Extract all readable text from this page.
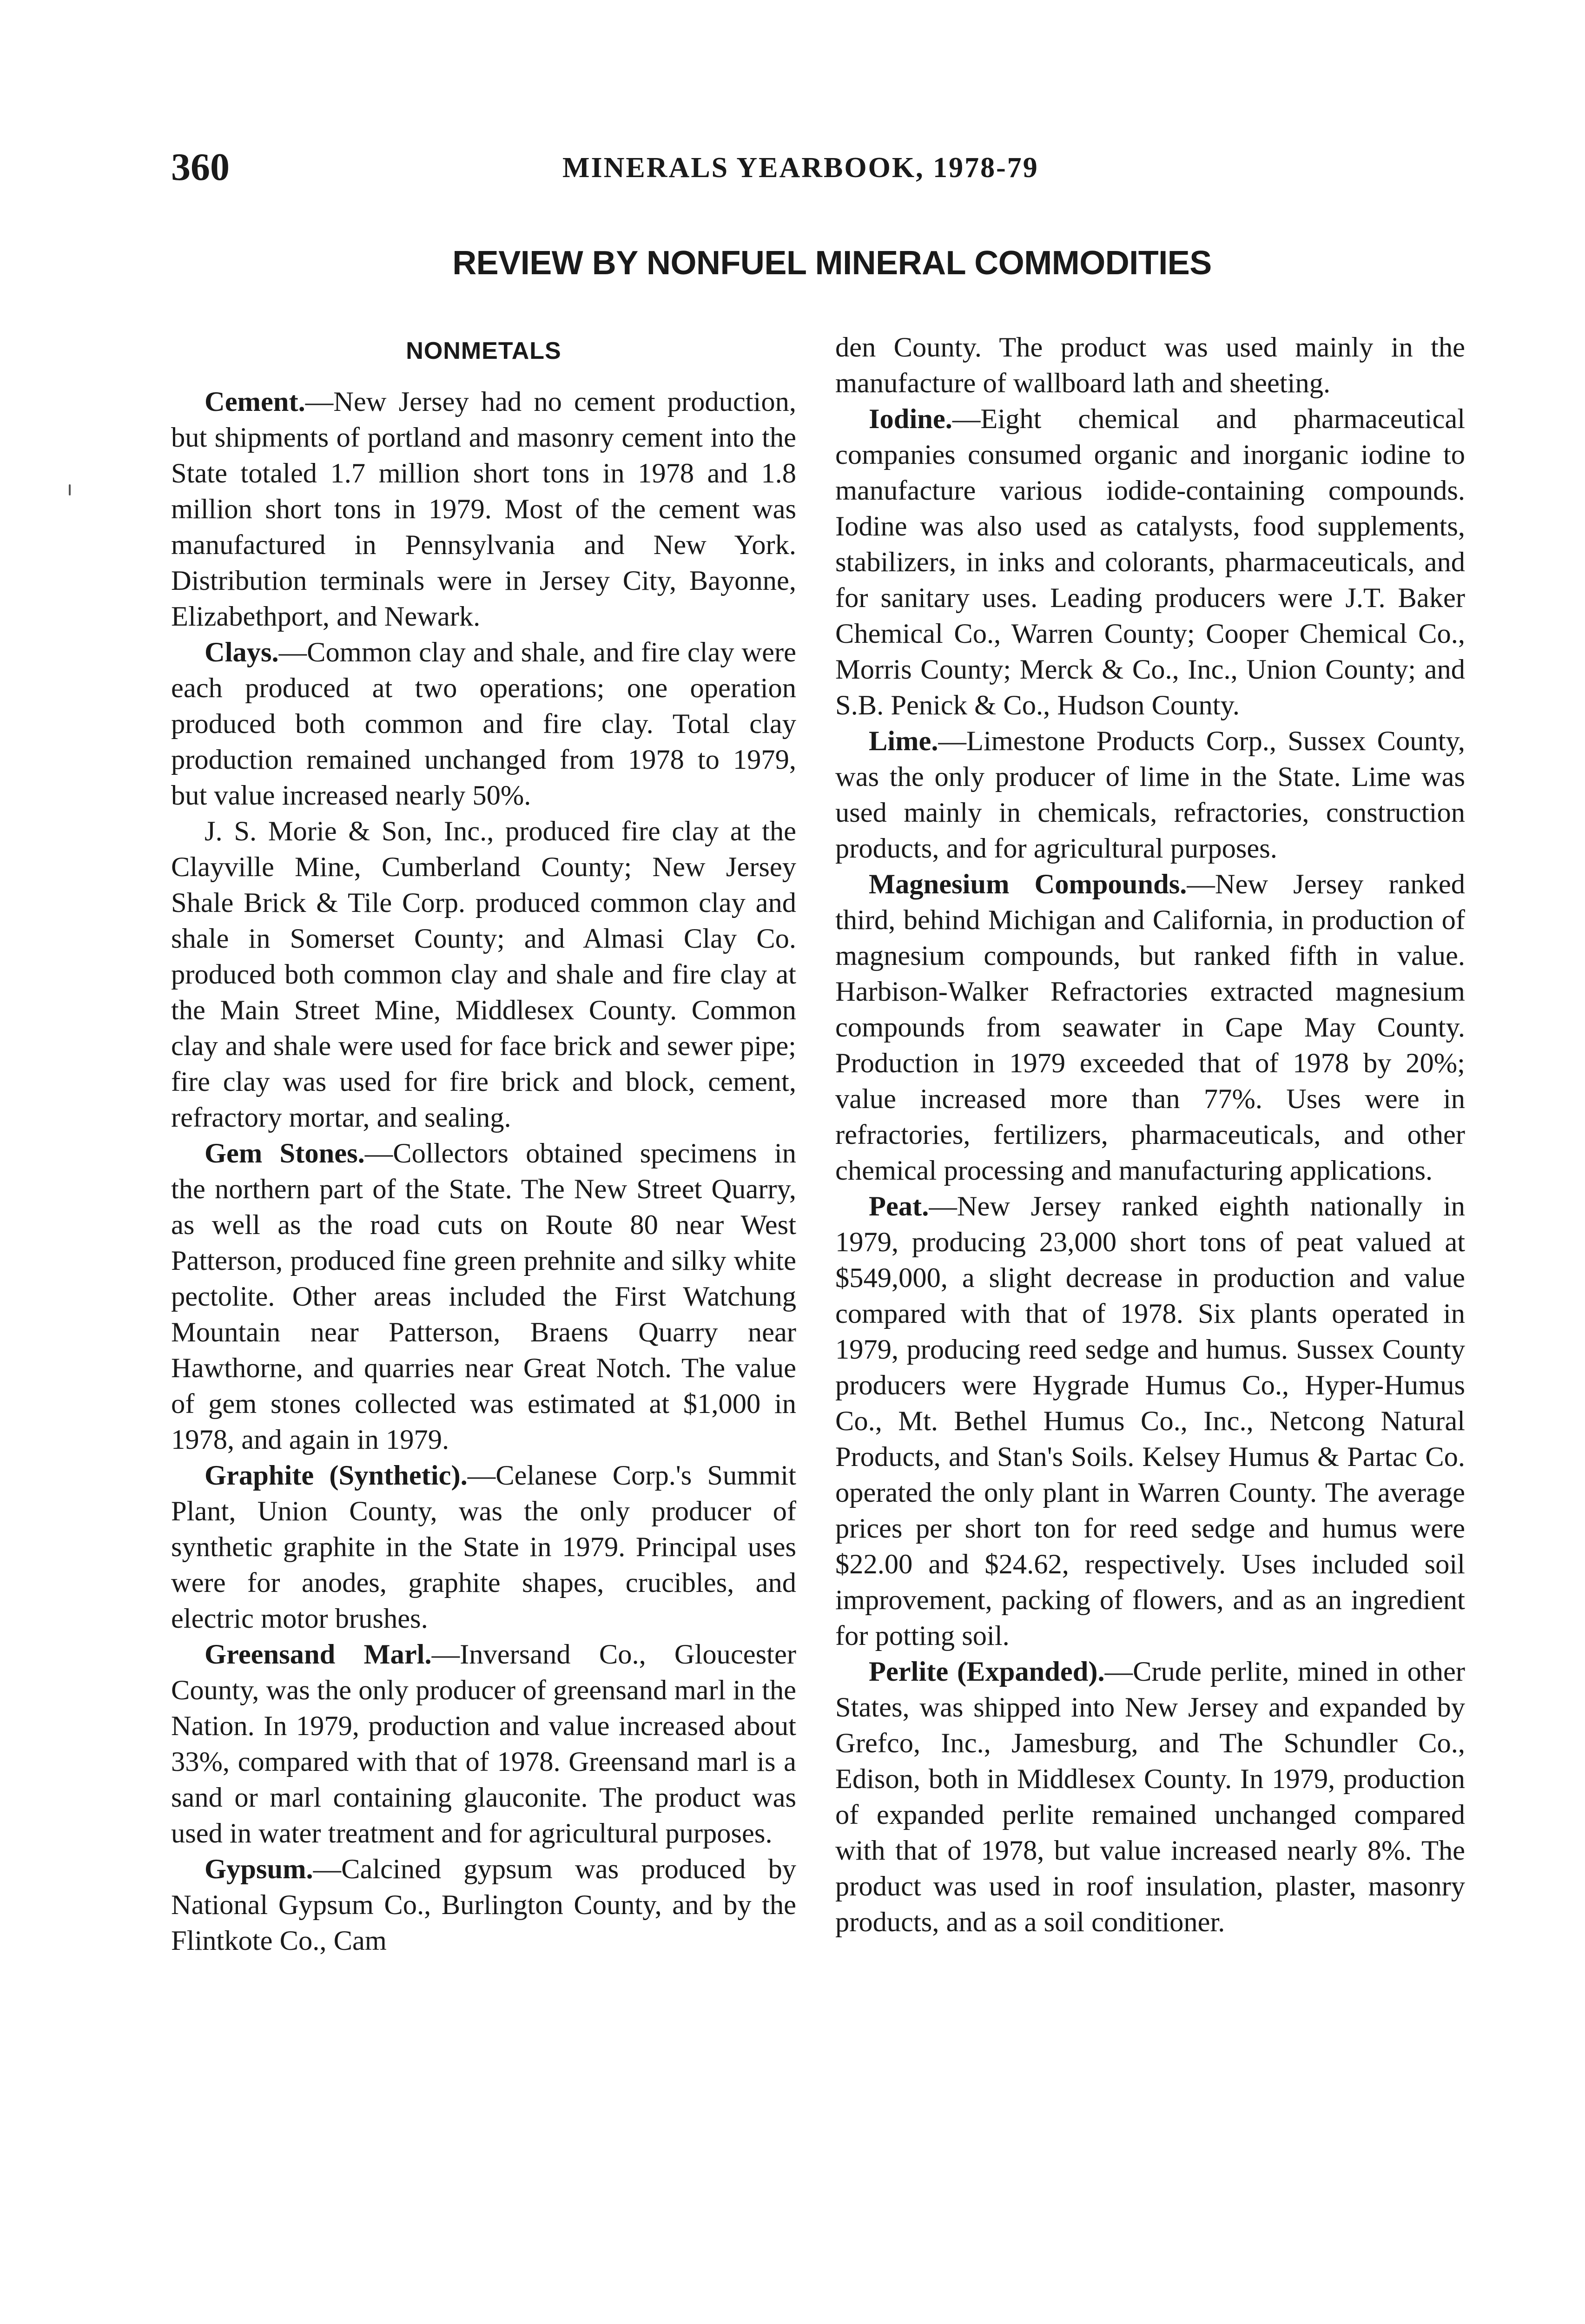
360	MINERALS YEARBOOK, 1978-79
REVIEW BY NONFUEL MINERAL COMMODITIES
NONMETALS

Cement.—New Jersey had no cement production, but shipments of portland and masonry cement into the State totaled 1.7 million short tons in 1978 and 1.8 million short tons in 1979. Most of the cement was manufactured in Pennsylvania and New York. Distribution terminals were in Jersey City, Bayonne, Elizabethport, and Newark.

Clays.—Common clay and shale, and fire clay were each produced at two operations; one operation produced both common and fire clay. Total clay production remained unchanged from 1978 to 1979, but value increased nearly 50%.

J. S. Morie & Son, Inc., produced fire clay at the Clayville Mine, Cumberland County; New Jersey Shale Brick & Tile Corp. produced common clay and shale in Somerset County; and Almasi Clay Co. produced both common clay and shale and fire clay at the Main Street Mine, Middlesex County. Common clay and shale were used for face brick and sewer pipe; fire clay was used for fire brick and block, cement, refractory mortar, and sealing.

Gem Stones.—Collectors obtained specimens in the northern part of the State. The New Street Quarry, as well as the road cuts on Route 80 near West Patterson, produced fine green prehnite and silky white pectolite. Other areas included the First Watchung Mountain near Patterson, Braens Quarry near Hawthorne, and quarries near Great Notch. The value of gem stones collected was estimated at $1,000 in 1978, and again in 1979.

Graphite (Synthetic).—Celanese Corp.'s Summit Plant, Union County, was the only producer of synthetic graphite in the State in 1979. Principal uses were for anodes, graphite shapes, crucibles, and electric motor brushes.

Greensand Marl.—Inversand Co., Gloucester County, was the only producer of greensand marl in the Nation. In 1979, production and value increased about 33%, compared with that of 1978. Greensand marl is a sand or marl containing glauconite. The product was used in water treatment and for agricultural purposes.

Gypsum.—Calcined gypsum was produced by National Gypsum Co., Burlington County, and by the Flintkote Co., Cam

den County. The product was used mainly in the manufacture of wallboard lath and sheeting.

Iodine.—Eight chemical and pharmaceutical companies consumed organic and inorganic iodine to manufacture various iodide-containing compounds. Iodine was also used as catalysts, food supplements, stabilizers, in inks and colorants, pharmaceuticals, and for sanitary uses. Leading producers were J.T. Baker Chemical Co., Warren County; Cooper Chemical Co., Morris County; Merck & Co., Inc., Union County; and S.B. Penick & Co., Hudson County.

Lime.—Limestone Products Corp., Sussex County, was the only producer of lime in the State. Lime was used mainly in chemicals, refractories, construction products, and for agricultural purposes.

Magnesium Compounds.—New Jersey ranked third, behind Michigan and California, in production of magnesium compounds, but ranked fifth in value. Harbison-Walker Refractories extracted magnesium compounds from seawater in Cape May County. Production in 1979 exceeded that of 1978 by 20%; value increased more than 77%. Uses were in refractories, fertilizers, pharmaceuticals, and other chemical processing and manufacturing applications.

Peat.—New Jersey ranked eighth nationally in 1979, producing 23,000 short tons of peat valued at $549,000, a slight decrease in production and value compared with that of 1978. Six plants operated in 1979, producing reed sedge and humus. Sussex County producers were Hygrade Humus Co., Hyper-Humus Co., Mt. Bethel Humus Co., Inc., Netcong Natural Products, and Stan's Soils. Kelsey Humus & Partac Co. operated the only plant in Warren County. The average prices per short ton for reed sedge and humus were $22.00 and $24.62, respectively. Uses included soil improvement, packing of flowers, and as an ingredient for potting soil.

Perlite (Expanded).—Crude perlite, mined in other States, was shipped into New Jersey and expanded by Grefco, Inc., Jamesburg, and The Schundler Co., Edison, both in Middlesex County. In 1979, production of expanded perlite remained unchanged compared with that of 1978, but value increased nearly 8%. The product was used in roof insulation, plaster, masonry products, and as a soil conditioner.
